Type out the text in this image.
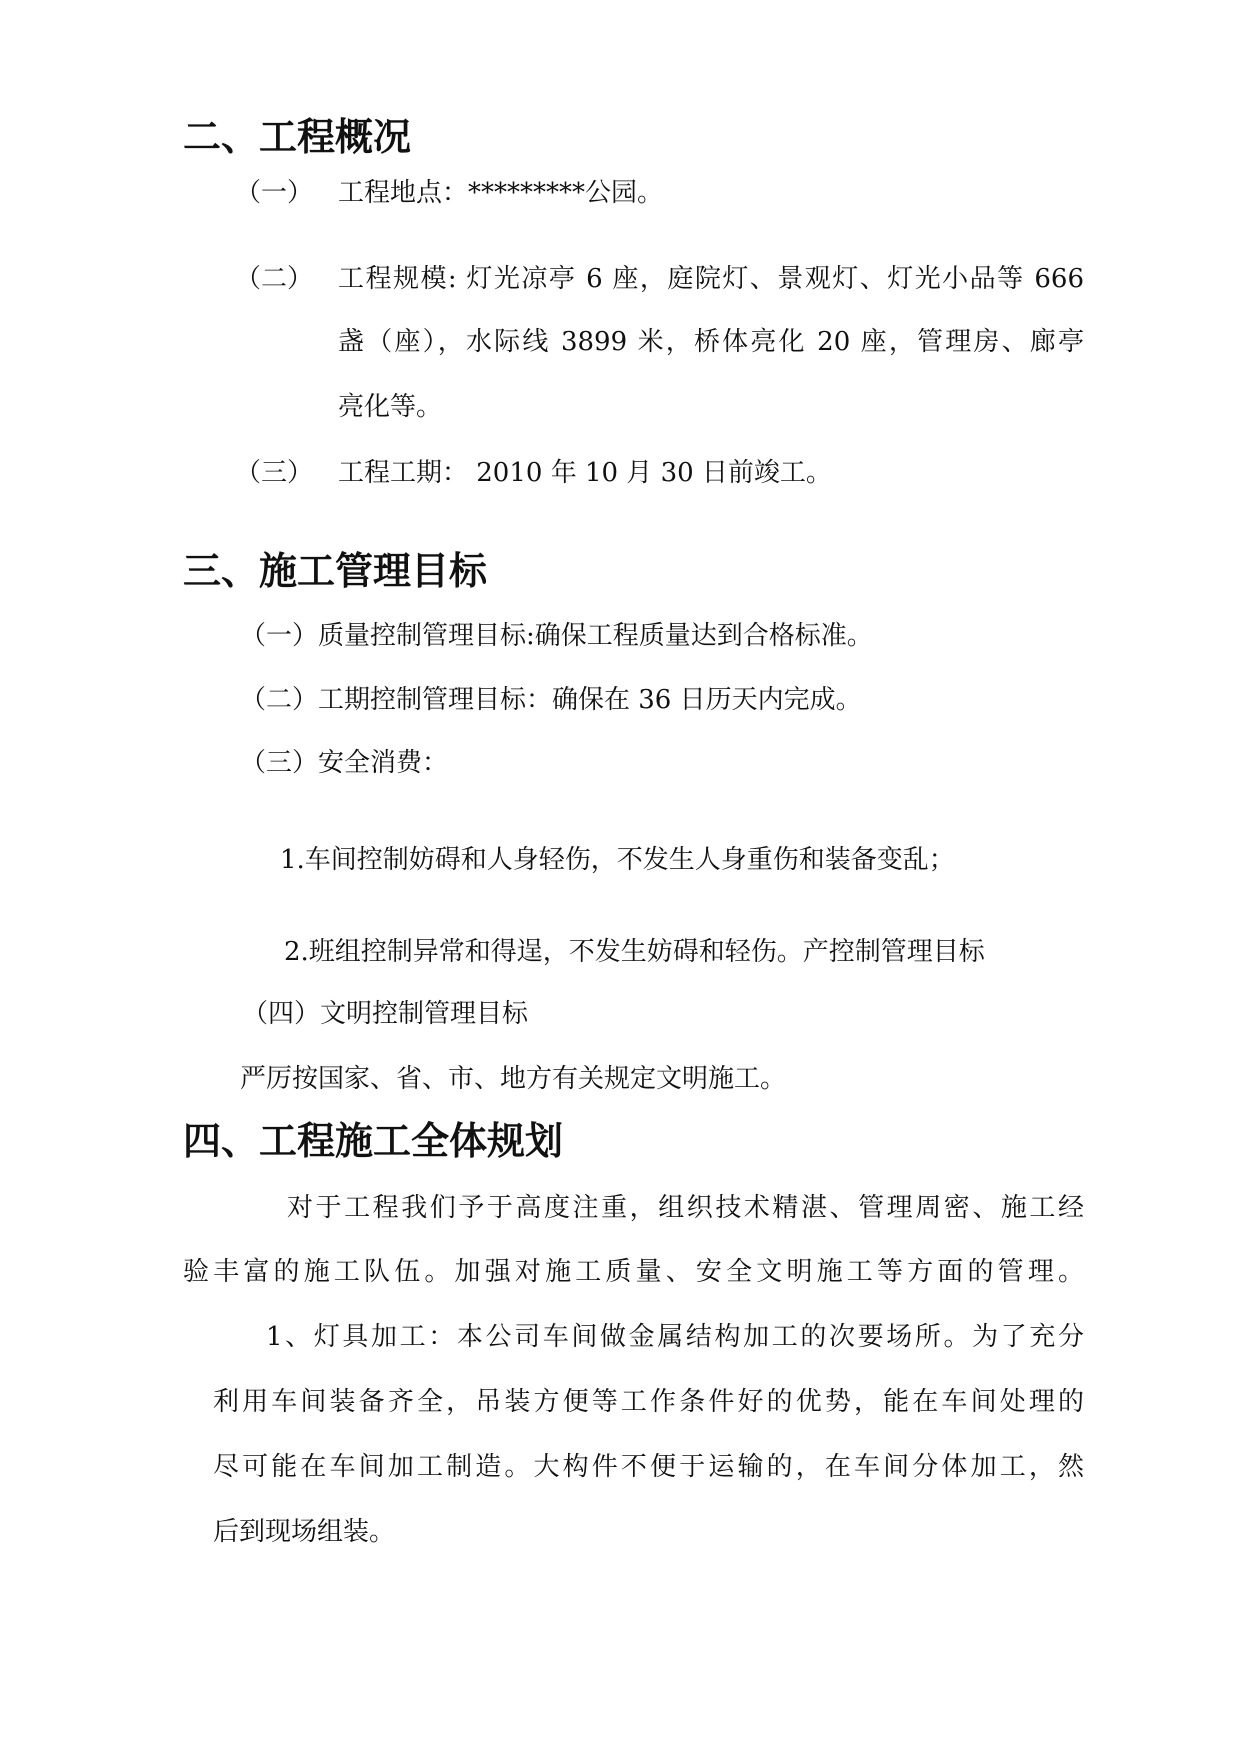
二、工程概况

（一） 工程地点：*********公园。

（二） 工程规模: 灯光凉亭 6 座，庭院灯、景观灯、灯光小品等 666

盏（座），水际线 3899 米，桥体亮化 20 座，管理房、廊亭

亮化等。

（三） 工程工期： 2010 年 10 月 30 日前竣工。

三、施工管理目标

（一）质量控制管理目标:确保工程质量达到合格标准。

（二）工期控制管理目标：确保在 36 日历天内完成。

（三）安全消费：

1.车间控制妨碍和人身轻伤，不发生人身重伤和装备变乱；

2.班组控制异常和得逞，不发生妨碍和轻伤。产控制管理目标

（四）文明控制管理目标

严厉按国家、省、市、地方有关规定文明施工。

四、工程施工全体规划

对于工程我们予于高度注重，组织技术精湛、管理周密、施工经

验丰富的施工队伍。加强对施工质量、安全文明施工等方面的管理。

1、灯具加工：本公司车间做金属结构加工的次要场所。为了充分

利用车间装备齐全，吊装方便等工作条件好的优势，能在车间处理的

尽可能在车间加工制造。大构件不便于运输的，在车间分体加工，然

后到现场组装。
